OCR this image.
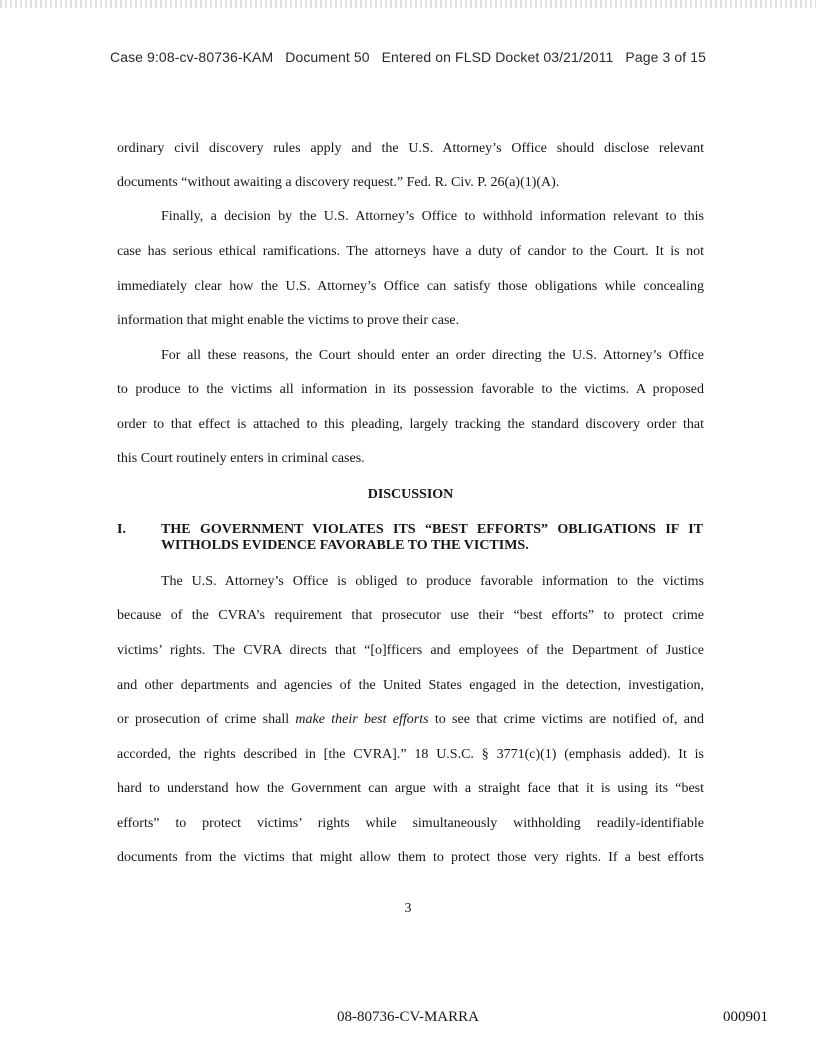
Case 9:08-cv-80736-KAM   Document 50   Entered on FLSD Docket 03/21/2011   Page 3 of 15
ordinary civil discovery rules apply and the U.S. Attorney’s Office should disclose relevant
documents “without awaiting a discovery request.” Fed. R. Civ. P. 26(a)(1)(A).
Finally, a decision by the U.S. Attorney’s Office to withhold information relevant to this
case has serious ethical ramifications. The attorneys have a duty of candor to the Court. It is not
immediately clear how the U.S. Attorney’s Office can satisfy those obligations while concealing
information that might enable the victims to prove their case.
For all these reasons, the Court should enter an order directing the U.S. Attorney’s Office
to produce to the victims all information in its possession favorable to the victims. A proposed
order to that effect is attached to this pleading, largely tracking the standard discovery order that
this Court routinely enters in criminal cases.
DISCUSSION
I.	THE GOVERNMENT VIOLATES ITS “BEST EFFORTS” OBLIGATIONS IF IT
WITHOLDS EVIDENCE FAVORABLE TO THE VICTIMS.
The U.S. Attorney’s Office is obliged to produce favorable information to the victims
because of the CVRA’s requirement that prosecutor use their “best efforts” to protect crime
victims’ rights. The CVRA directs that “[o]fficers and employees of the Department of Justice
and other departments and agencies of the United States engaged in the detection, investigation,
or prosecution of crime shall make their best efforts to see that crime victims are notified of, and
accorded, the rights described in [the CVRA].” 18 U.S.C. § 3771(c)(1) (emphasis added). It is
hard to understand how the Government can argue with a straight face that it is using its “best
efforts” to protect victims’ rights while simultaneously withholding readily-identifiable
documents from the victims that might allow them to protect those very rights. If a best efforts
3
08-80736-CV-MARRA	000901
